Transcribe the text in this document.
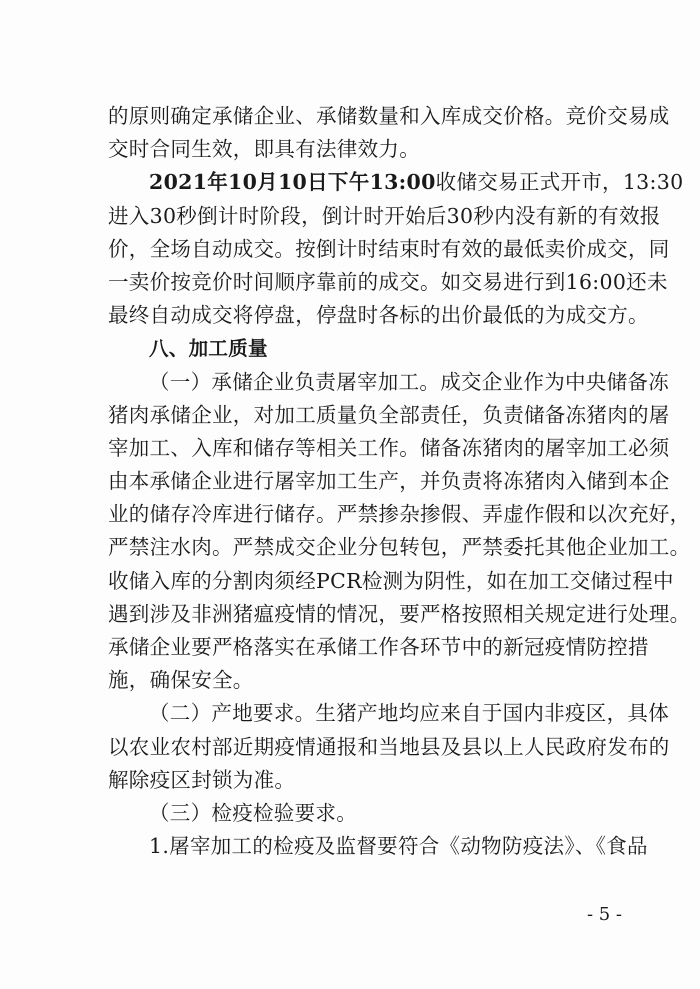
的原则确定承储企业、承储数量和入库成交价格。竞价交易成
交时合同生效，即具有法律效力。
2021年10月10日下午13:00收储交易正式开市，13:30
进入30秒倒计时阶段，倒计时开始后30秒内没有新的有效报
价，全场自动成交。按倒计时结束时有效的最低卖价成交，同
一卖价按竞价时间顺序靠前的成交。如交易进行到16:00还未
最终自动成交将停盘，停盘时各标的出价最低的为成交方。
八、加工质量
（一）承储企业负责屠宰加工。成交企业作为中央储备冻
猪肉承储企业，对加工质量负全部责任，负责储备冻猪肉的屠
宰加工、入库和储存等相关工作。储备冻猪肉的屠宰加工必须
由本承储企业进行屠宰加工生产，并负责将冻猪肉入储到本企
业的储存冷库进行储存。严禁掺杂掺假、弄虚作假和以次充好，
严禁注水肉。严禁成交企业分包转包，严禁委托其他企业加工。
收储入库的分割肉须经PCR检测为阴性，如在加工交储过程中
遇到涉及非洲猪瘟疫情的情况，要严格按照相关规定进行处理。
承储企业要严格落实在承储工作各环节中的新冠疫情防控措
施，确保安全。
（二）产地要求。生猪产地均应来自于国内非疫区，具体
以农业农村部近期疫情通报和当地县及县以上人民政府发布的
解除疫区封锁为准。
（三）检疫检验要求。
1.屠宰加工的检疫及监督要符合《动物防疫法》、《食品
- 5 -
